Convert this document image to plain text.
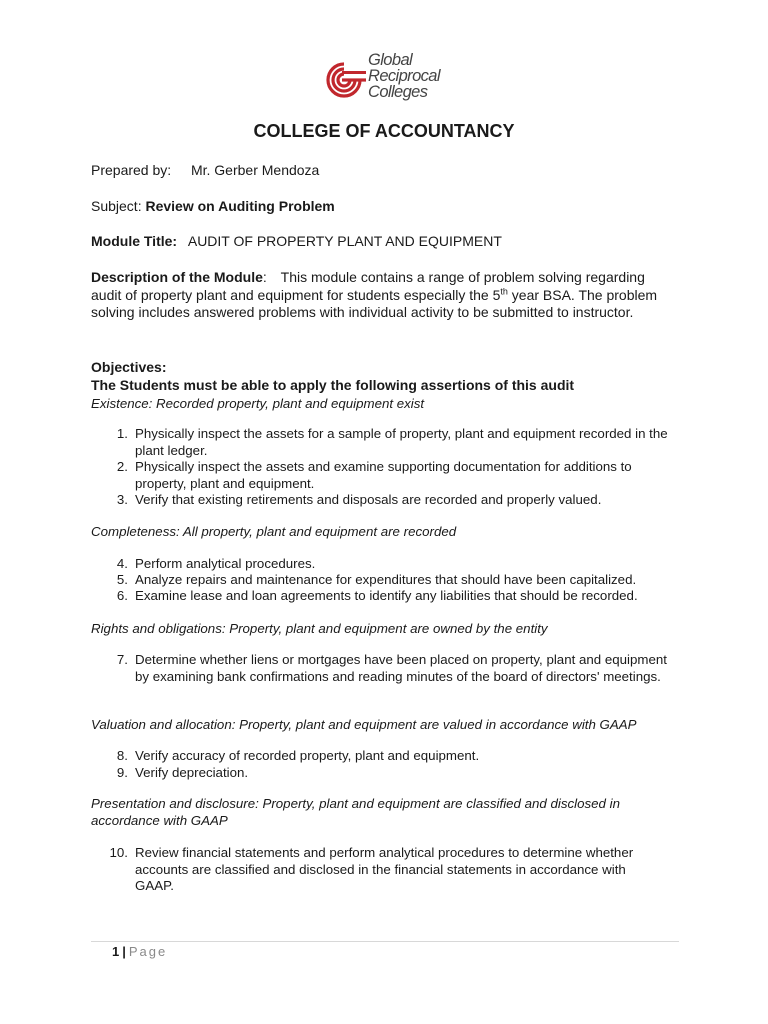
Global
Reciprocal
Colleges
COLLEGE OF ACCOUNTANCY
Prepared by: Mr. Gerber Mendoza
Subject: Review on Auditing Problem
Module Title: AUDIT OF PROPERTY PLANT AND EQUIPMENT
Description of the Module: This module contains a range of problem solving regarding audit of property plant and equipment for students especially the 5th year BSA. The problem solving includes answered problems with individual activity to be submitted to instructor.
Objectives:
The Students must be able to apply the following assertions of this audit
Existence: Recorded property, plant and equipment exist
1. Physically inspect the assets for a sample of property, plant and equipment recorded in the plant ledger.
2. Physically inspect the assets and examine supporting documentation for additions to property, plant and equipment.
3. Verify that existing retirements and disposals are recorded and properly valued.
Completeness: All property, plant and equipment are recorded
4. Perform analytical procedures.
5. Analyze repairs and maintenance for expenditures that should have been capitalized.
6. Examine lease and loan agreements to identify any liabilities that should be recorded.
Rights and obligations: Property, plant and equipment are owned by the entity
7. Determine whether liens or mortgages have been placed on property, plant and equipment by examining bank confirmations and reading minutes of the board of directors' meetings.
Valuation and allocation: Property, plant and equipment are valued in accordance with GAAP
8. Verify accuracy of recorded property, plant and equipment.
9. Verify depreciation.
Presentation and disclosure: Property, plant and equipment are classified and disclosed in accordance with GAAP
10. Review financial statements and perform analytical procedures to determine whether accounts are classified and disclosed in the financial statements in accordance with GAAP.
1 | Page
